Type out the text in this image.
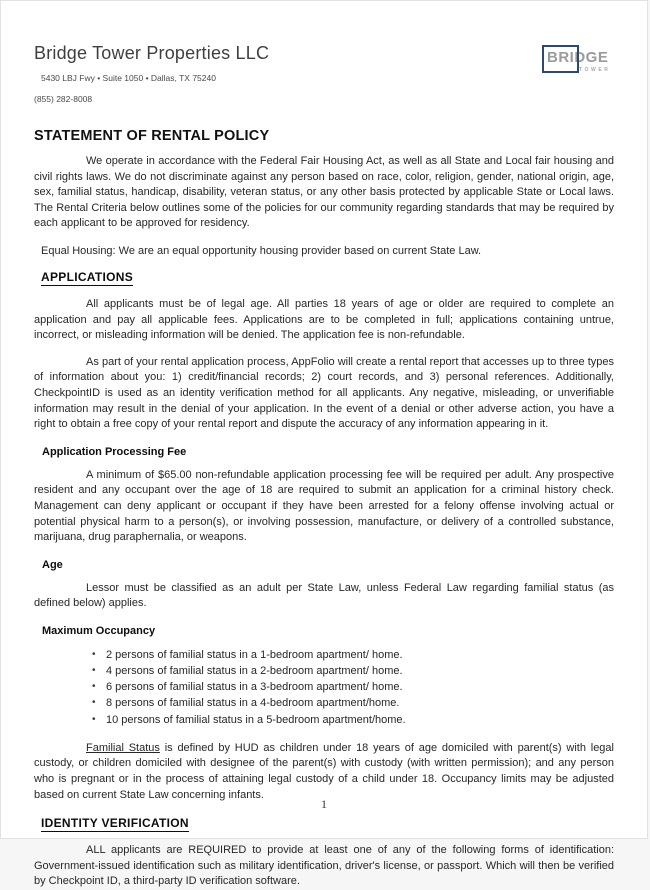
Bridge Tower Properties LLC
5430 LBJ Fwy • Suite 1050 • Dallas, TX 75240
(855) 282-8008
BRIDGE
TOWER
STATEMENT OF RENTAL POLICY

We operate in accordance with the Federal Fair Housing Act, as well as all State and Local fair housing and civil rights laws. We do not discriminate against any person based on race, color, religion, gender, national origin, age, sex, familial status, handicap, disability, veteran status, or any other basis protected by applicable State or Local laws. The Rental Criteria below outlines some of the policies for our community regarding standards that may be required by each applicant to be approved for residency.

Equal Housing: We are an equal opportunity housing provider based on current State Law.
APPLICATIONS

All applicants must be of legal age. All parties 18 years of age or older are required to complete an application and pay all applicable fees. Applications are to be completed in full; applications containing untrue, incorrect, or misleading information will be denied. The application fee is non-refundable.

As part of your rental application process, AppFolio will create a rental report that accesses up to three types of information about you: 1) credit/financial records; 2) court records, and 3) personal references. Additionally, CheckpointID is used as an identity verification method for all applicants. Any negative, misleading, or unverifiable information may result in the denial of your application. In the event of a denial or other adverse action, you have a right to obtain a free copy of your rental report and dispute the accuracy of any information appearing in it.

Application Processing Fee

A minimum of $65.00 non-refundable application processing fee will be required per adult. Any prospective resident and any occupant over the age of 18 are required to submit an application for a criminal history check. Management can deny applicant or occupant if they have been arrested for a felony offense involving actual or potential physical harm to a person(s), or involving possession, manufacture, or delivery of a controlled substance, marijuana, drug paraphernalia, or weapons.

Age

Lessor must be classified as an adult per State Law, unless Federal Law regarding familial status (as defined below) applies.

Maximum Occupancy
• 2 persons of familial status in a 1-bedroom apartment/ home.
• 4 persons of familial status in a 2-bedroom apartment/ home.
• 6 persons of familial status in a 3-bedroom apartment/ home.
• 8 persons of familial status in a 4-bedroom apartment/home.
• 10 persons of familial status in a 5-bedroom apartment/home.

Familial Status is defined by HUD as children under 18 years of age domiciled with parent(s) with legal custody, or children domiciled with designee of the parent(s) with custody (with written permission); and any person who is pregnant or in the process of attaining legal custody of a child under 18. Occupancy limits may be adjusted based on current State Law concerning infants.

IDENTITY VERIFICATION

ALL applicants are REQUIRED to provide at least one of any of the following forms of identification: Government-issued identification such as military identification, driver's license, or passport. Which will then be verified by Checkpoint ID, a third-party ID verification software.

1
